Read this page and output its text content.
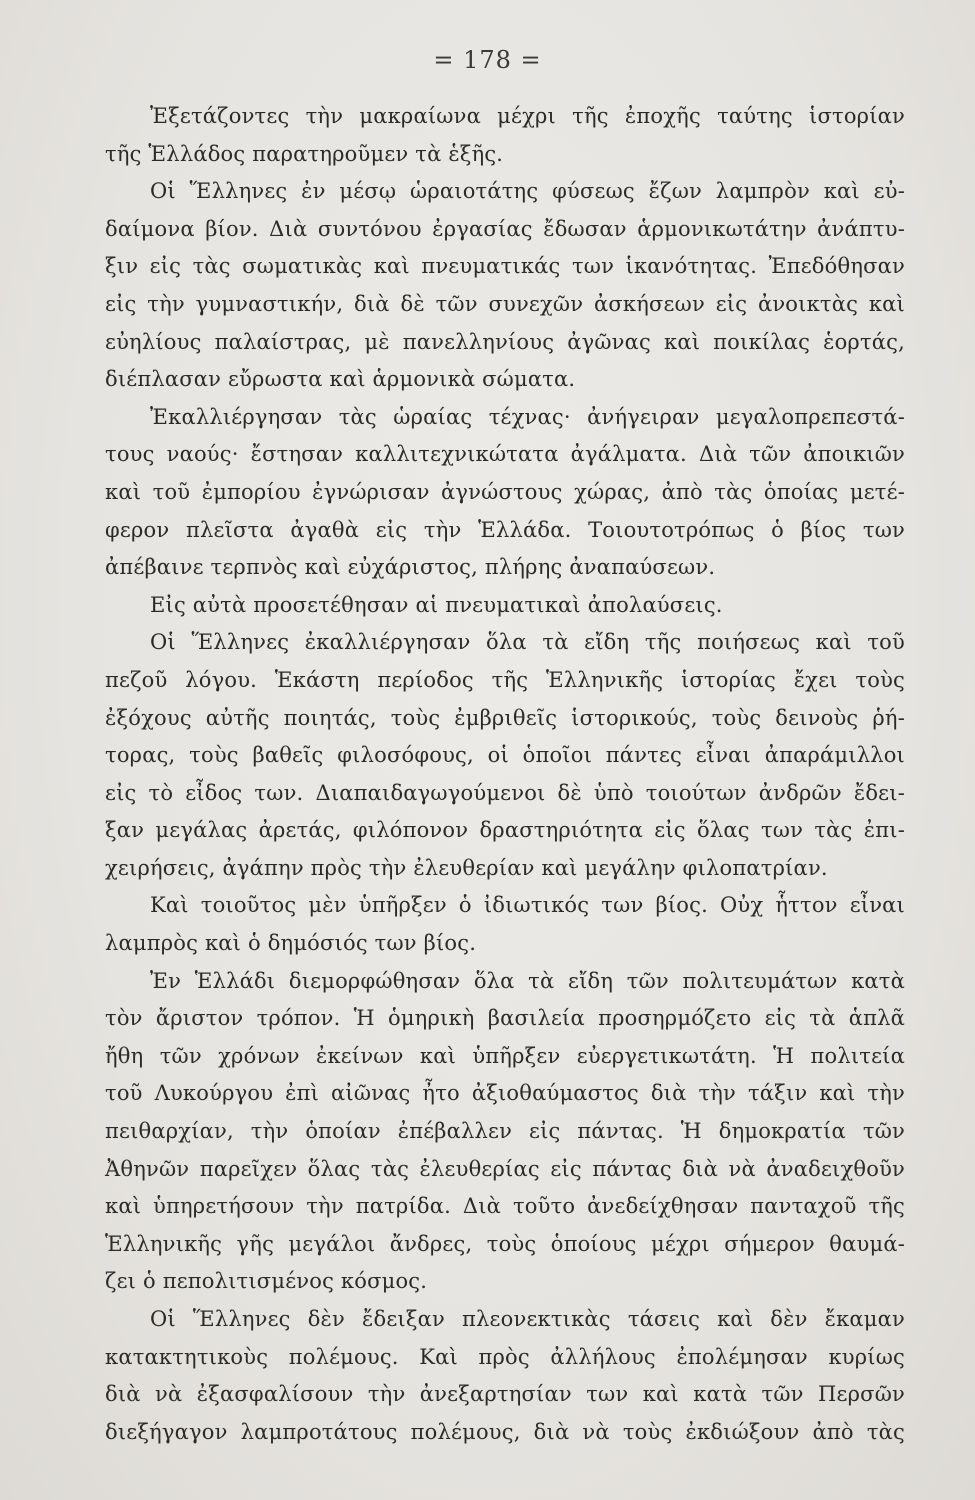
= 178 =
Ἐξετάζοντες τὴν μακραίωνα μέχρι τῆς ἐποχῆς ταύτης ἱστορίαν
τῆς Ἑλλάδος παρατηροῦμεν τὰ ἑξῆς.
Οἱ Ἕλληνες ἐν μέσῳ ὡραιοτάτης φύσεως ἔζων λαμπρὸν καὶ εὐ-
δαίμονα βίον. Διὰ συντόνου ἐργασίας ἔδωσαν ἁρμονικωτάτην ἀνάπτυ-
ξιν εἰς τὰς σωματικὰς καὶ πνευματικάς των ἱκανότητας. Ἐπεδόθησαν
εἰς τὴν γυμναστικήν, διὰ δὲ τῶν συνεχῶν ἀσκήσεων εἰς ἀνοικτὰς καὶ
εὐηλίους παλαίστρας, μὲ πανελληνίους ἀγῶνας καὶ ποικίλας ἑορτάς,
διέπλασαν εὔρωστα καὶ ἁρμονικὰ σώματα.
Ἐκαλλιέργησαν τὰς ὡραίας τέχνας· ἀνήγειραν μεγαλοπρεπεστά-
τους ναούς· ἔστησαν καλλιτεχνικώτατα ἀγάλματα. Διὰ τῶν ἀποικιῶν
καὶ τοῦ ἐμπορίου ἐγνώρισαν ἀγνώστους χώρας, ἀπὸ τὰς ὁποίας μετέ-
φερον πλεῖστα ἀγαθὰ εἰς τὴν Ἑλλάδα. Τοιουτοτρόπως ὁ βίος των
ἀπέβαινε τερπνὸς καὶ εὐχάριστος, πλήρης ἀναπαύσεων.
Εἰς αὐτὰ προσετέθησαν αἱ πνευματικαὶ ἀπολαύσεις.
Οἱ Ἕλληνες ἐκαλλιέργησαν ὅλα τὰ εἴδη τῆς ποιήσεως καὶ τοῦ
πεζοῦ λόγου. Ἑκάστη περίοδος τῆς Ἑλληνικῆς ἱστορίας ἔχει τοὺς
ἐξόχους αὐτῆς ποιητάς, τοὺς ἐμβριθεῖς ἱστορικούς, τοὺς δεινοὺς ῥή-
τορας, τοὺς βαθεῖς φιλοσόφους, οἱ ὁποῖοι πάντες εἶναι ἀπαράμιλλοι
εἰς τὸ εἶδος των. Διαπαιδαγωγούμενοι δὲ ὑπὸ τοιούτων ἀνδρῶν ἔδει-
ξαν μεγάλας ἀρετάς, φιλόπονον δραστηριότητα εἰς ὅλας των τὰς ἐπι-
χειρήσεις, ἀγάπην πρὸς τὴν ἐλευθερίαν καὶ μεγάλην φιλοπατρίαν.
Καὶ τοιοῦτος μὲν ὑπῆρξεν ὁ ἰδιωτικός των βίος. Οὐχ ἧττον εἶναι
λαμπρὸς καὶ ὁ δημόσιός των βίος.
Ἐν Ἑλλάδι διεμορφώθησαν ὅλα τὰ εἴδη τῶν πολιτευμάτων κατὰ
τὸν ἄριστον τρόπον. Ἡ ὁμηρικὴ βασιλεία προσηρμόζετο εἰς τὰ ἁπλᾶ
ἤθη τῶν χρόνων ἐκείνων καὶ ὑπῆρξεν εὐεργετικωτάτη. Ἡ πολιτεία
τοῦ Λυκούργου ἐπὶ αἰῶνας ἦτο ἀξιοθαύμαστος διὰ τὴν τάξιν καὶ τὴν
πειθαρχίαν, τὴν ὁποίαν ἐπέβαλλεν εἰς πάντας. Ἡ δημοκρατία τῶν
Ἀθηνῶν παρεῖχεν ὅλας τὰς ἐλευθερίας εἰς πάντας διὰ νὰ ἀναδειχθοῦν
καὶ ὑπηρετήσουν τὴν πατρίδα. Διὰ τοῦτο ἀνεδείχθησαν πανταχοῦ τῆς
Ἑλληνικῆς γῆς μεγάλοι ἄνδρες, τοὺς ὁποίους μέχρι σήμερον θαυμά-
ζει ὁ πεπολιτισμένος κόσμος.
Οἱ Ἕλληνες δὲν ἔδειξαν πλεονεκτικὰς τάσεις καὶ δὲν ἔκαμαν
κατακτητικοὺς πολέμους. Καὶ πρὸς ἀλλήλους ἐπολέμησαν κυρίως
διὰ νὰ ἐξασφαλίσουν τὴν ἀνεξαρτησίαν των καὶ κατὰ τῶν Περσῶν
διεξήγαγον λαμπροτάτους πολέμους, διὰ νὰ τοὺς ἐκδιώξουν ἀπὸ τὰς
